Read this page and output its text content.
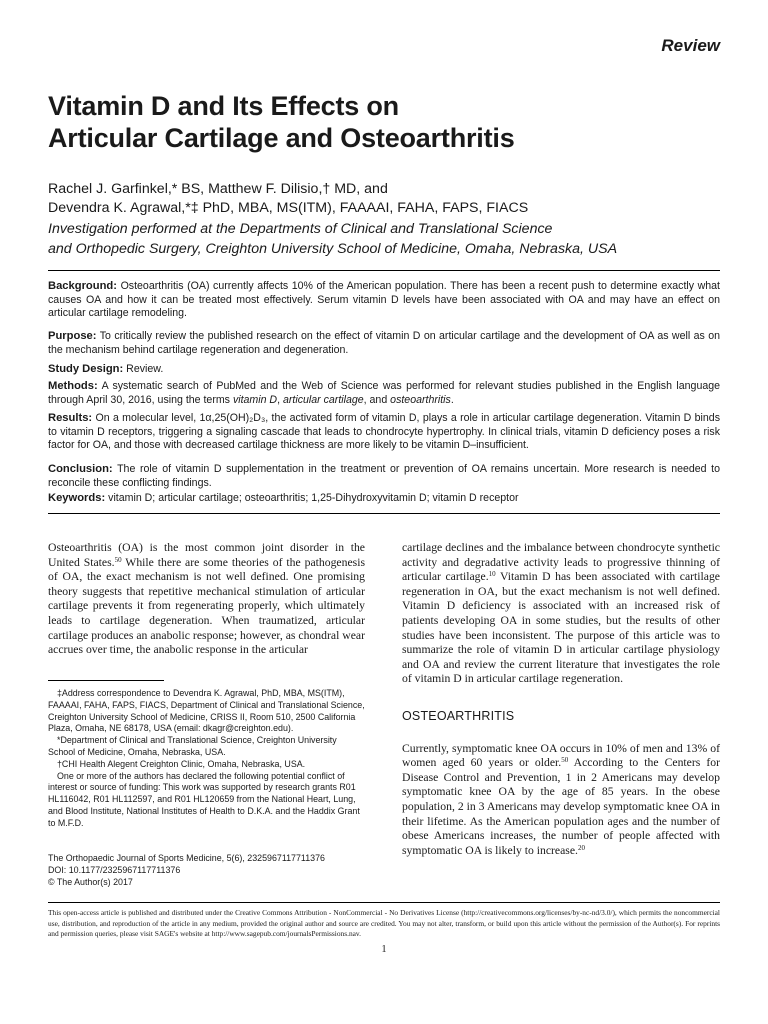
Review
Vitamin D and Its Effects on
Articular Cartilage and Osteoarthritis
Rachel J. Garfinkel,* BS, Matthew F. Dilisio,† MD, and
Devendra K. Agrawal,*‡ PhD, MBA, MS(ITM), FAAAAI, FAHA, FAPS, FIACS
Investigation performed at the Departments of Clinical and Translational Science
and Orthopedic Surgery, Creighton University School of Medicine, Omaha, Nebraska, USA
Background: Osteoarthritis (OA) currently affects 10% of the American population. There has been a recent push to determine exactly what causes OA and how it can be treated most effectively. Serum vitamin D levels have been associated with OA and may have an effect on articular cartilage remodeling.
Purpose: To critically review the published research on the effect of vitamin D on articular cartilage and the development of OA as well as on the mechanism behind cartilage regeneration and degeneration.
Study Design: Review.
Methods: A systematic search of PubMed and the Web of Science was performed for relevant studies published in the English language through April 30, 2016, using the terms vitamin D, articular cartilage, and osteoarthritis.
Results: On a molecular level, 1α,25(OH)₂D₃, the activated form of vitamin D, plays a role in articular cartilage degeneration. Vitamin D binds to vitamin D receptors, triggering a signaling cascade that leads to chondrocyte hypertrophy. In clinical trials, vitamin D deficiency poses a risk factor for OA, and those with decreased cartilage thickness are more likely to be vitamin D–insufficient.
Conclusion: The role of vitamin D supplementation in the treatment or prevention of OA remains uncertain. More research is needed to reconcile these conflicting findings.
Keywords: vitamin D; articular cartilage; osteoarthritis; 1,25-Dihydroxyvitamin D; vitamin D receptor

Osteoarthritis (OA) is the most common joint disorder in the United States.$^{50}$ While there are some theories of the pathogenesis of OA, the exact mechanism is not well defined. One promising theory suggests that repetitive mechanical stimulation of articular cartilage prevents it from regenerating properly, which ultimately leads to cartilage degeneration. When traumatized, articular cartilage produces an anabolic response; however, as chondral wear accrues over time, the anabolic response in the articular

cartilage declines and the imbalance between chondrocyte synthetic activity and degradative activity leads to progressive thinning of articular cartilage.$^{10}$ Vitamin D has been associated with cartilage regeneration in OA, but the exact mechanism is not well defined. Vitamin D deficiency is associated with an increased risk of patients developing OA in some studies, but the results of other studies have been inconsistent. The purpose of this article was to summarize the role of vitamin D in articular cartilage physiology and OA and review the current literature that investigates the role of vitamin D in articular cartilage regeneration.

OSTEOARTHRITIS

Currently, symptomatic knee OA occurs in 10% of men and 13% of women aged 60 years or older.$^{50}$ According to the Centers for Disease Control and Prevention, 1 in 2 Americans may develop symptomatic knee OA by the age of 85 years. In the obese population, 2 in 3 Americans may develop symptomatic knee OA in their lifetime. As the American population ages and the number of obese Americans increases, the number of people affected with symptomatic OA is likely to increase.$^{20}$

‡Address correspondence to Devendra K. Agrawal, PhD, MBA, MS(ITM), FAAAAI, FAHA, FAPS, FIACS, Department of Clinical and Translational Science, Creighton University School of Medicine, CRISS II, Room 510, 2500 California Plaza, Omaha, NE 68178, USA (email: dkagr@creighton.edu).

*Department of Clinical and Translational Science, Creighton University School of Medicine, Omaha, Nebraska, USA.

†CHI Health Alegent Creighton Clinic, Omaha, Nebraska, USA.

One or more of the authors has declared the following potential conflict of interest or source of funding: This work was supported by research grants R01 HL116042, R01 HL112597, and R01 HL120659 from the National Heart, Lung, and Blood Institute, National Institutes of Health to D.K.A. and the Haddix Grant to M.F.D.

The Orthopaedic Journal of Sports Medicine, 5(6), 2325967117711376
DOI: 10.1177/2325967117711376
© The Author(s) 2017
This open-access article is published and distributed under the Creative Commons Attribution - NonCommercial - No Derivatives License (http://creativecommons.org/licenses/by-nc-nd/3.0/), which permits the noncommercial use, distribution, and reproduction of the article in any medium, provided the original author and source are credited. You may not alter, transform, or build upon this article without the permission of the Author(s). For reprints and permission queries, please visit SAGE's website at http://www.sagepub.com/journalsPermissions.nav.
1
